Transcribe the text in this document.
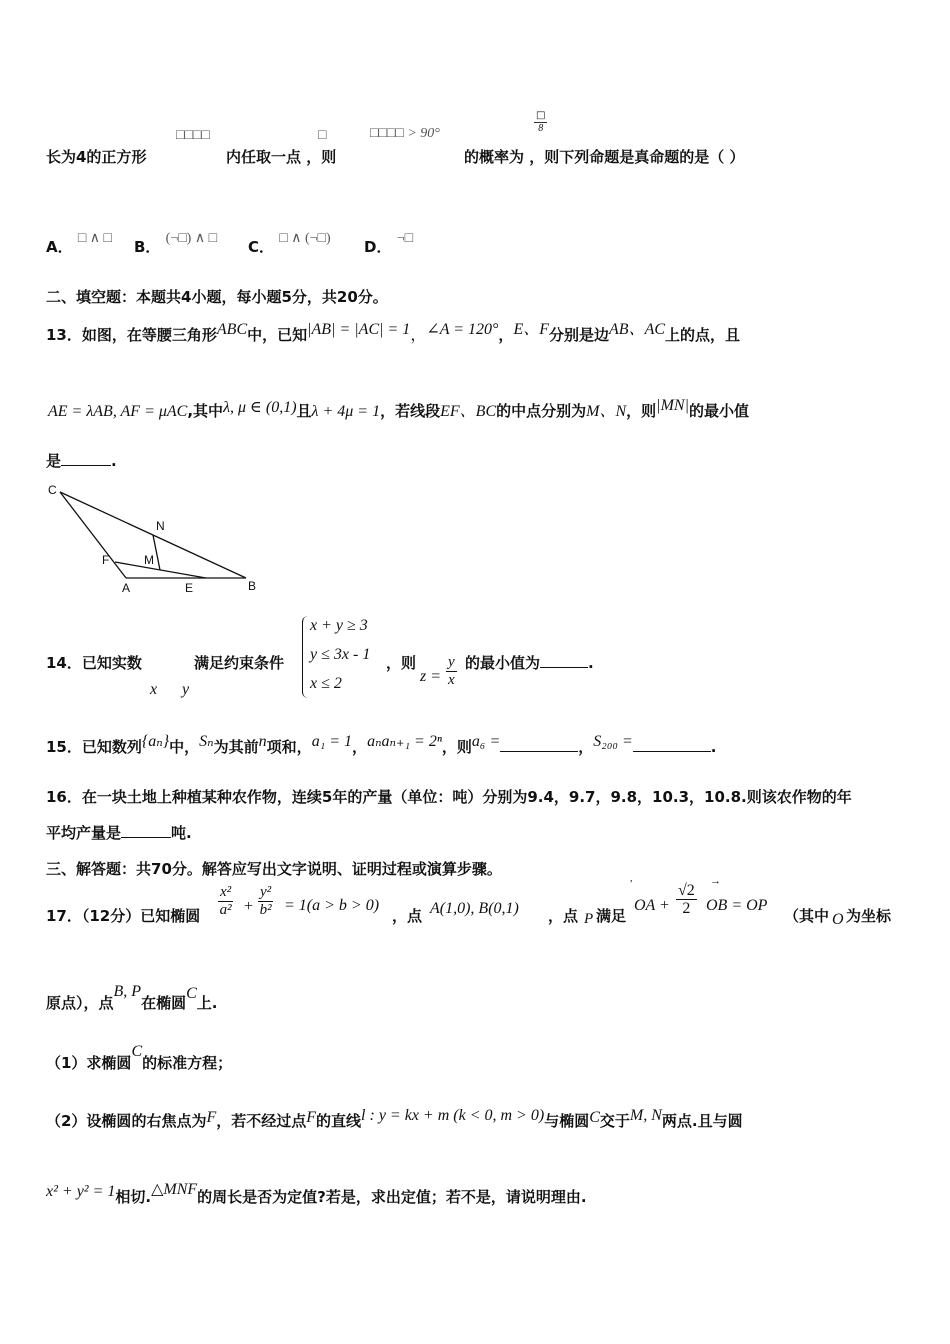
□□□□	□	□□□□ > 90°
□
8
长为4的正方形	内任取一点 ，则	的概率为 ，则下列命题是真命题的是（ ）
A． □ ∧ □ B． (¬□) ∧ □ C． □ ∧ (¬□) D． ¬□
二、填空题：本题共4小题，每小题5分，共20分。
13．如图，在等腰三角形ABC中，已知|AB| = |AC| = 1，∠A = 120°，E、F分别是边AB、AC上的点，且
AE = λAB, AF = μAC,其中λ, μ ∈ (0,1)且λ + 4μ = 1，若线段EF、BC的中点分别为M、N，则|MN|的最小值
是	.
C
N
M
F
A	E	B
14．已知实数
x y
满足约束条件
x + y ≥ 3
y ≤ 3x - 1
x ≤ 2
，则
$z = \frac{y}{x}$ 的最小值为	.
15．已知数列{aₙ}中，Sₙ为其前n项和，a₁ = 1，aₙaₙ₊₁ = 2ⁿ，则a₆ =	，S₂₀₀ =	.
16．在一块土地上种植某种农作物，连续5年的产量（单位：吨）分别为9.4，9.7，9.8，10.3，10.8.则该农作物的年
平均产量是	吨.
三、解答题：共70分。解答应写出文字说明、证明过程或演算步骤。
17．（12分）已知椭圆 $\frac{\text{x²}}{\text{a²}} + \frac{\text{y²}}{\text{b²}} = 1(a > b > 0)$
，点 A(1,0), B(0,1) ，点 P 满足
,
OA + $\frac{√2}{2}$
→
OB = OP
（其中 O 为坐标
原点），点B, P在椭圆C上.
（1）求椭圆C的标准方程；
（2）设椭圆的右焦点为F，若不经过点F的直线l : y = kx + m (k < 0, m > 0)与椭圆C交于M, N两点.且与圆
x² + y² = 1相切.△MNF的周长是否为定值?若是，求出定值；若不是，请说明理由.
